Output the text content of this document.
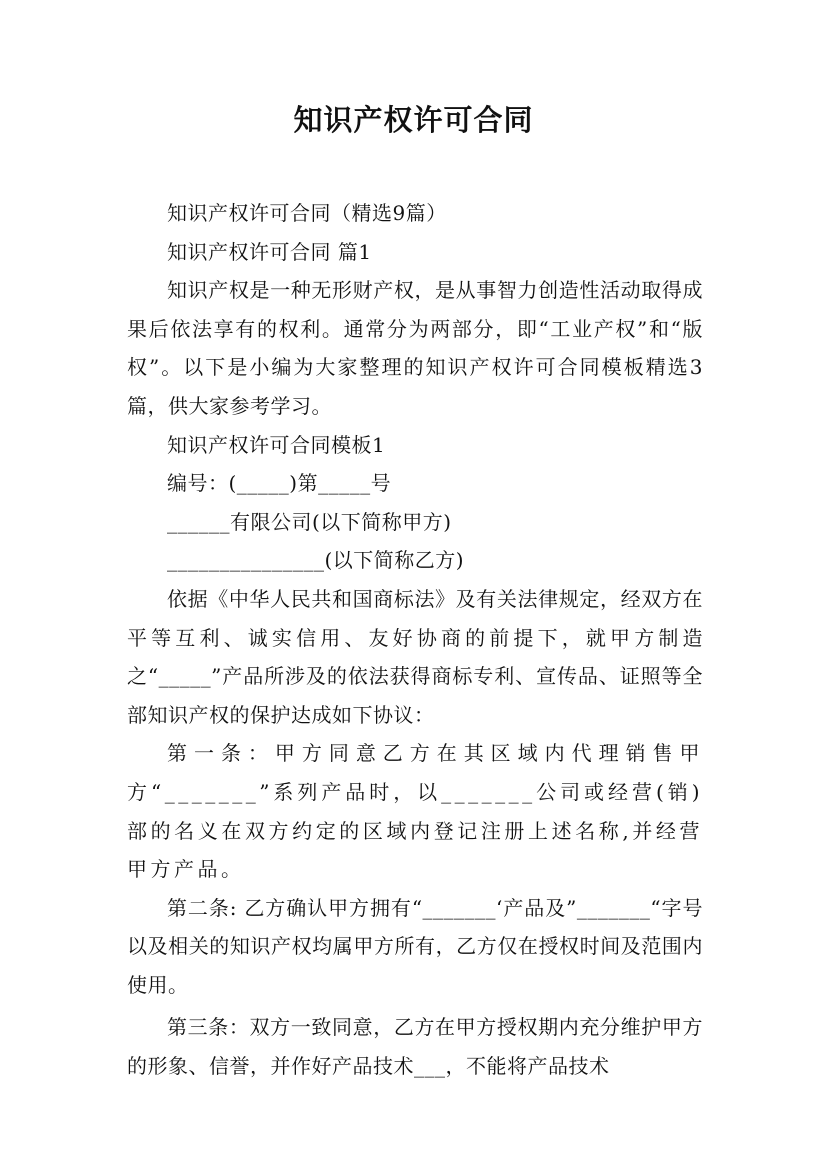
知识产权许可合同

知识产权许可合同（精选9篇）

知识产权许可合同 篇1

知识产权是一种无形财产权，是从事智力创造性活动取得成果后依法享有的权利。通常分为两部分，即“工业产权”和“版权”。以下是小编为大家整理的知识产权许可合同模板精选3篇，供大家参考学习。

知识产权许可合同模板1

编号：(_____)第_____号

______有限公司(以下简称甲方)

_______________(以下简称乙方)

依据《中华人民共和国商标法》及有关法律规定，经双方在平等互利、诚实信用、友好协商的前提下，就甲方制造之“_____”产品所涉及的依法获得商标专利、宣传品、证照等全部知识产权的保护达成如下协议：

第一条：甲方同意乙方在其区域内代理销售甲方“_______”系列产品时，以_______公司或经营(销)部的名义在双方约定的区域内登记注册上述名称,并经营甲方产品。

第二条: 乙方确认甲方拥有“_______‘产品及”_______“字号以及相关的知识产权均属甲方所有，乙方仅在授权时间及范围内使用。

第三条：双方一致同意，乙方在甲方授权期内充分维护甲方的形象、信誉，并作好产品技术___，不能将产品技术
